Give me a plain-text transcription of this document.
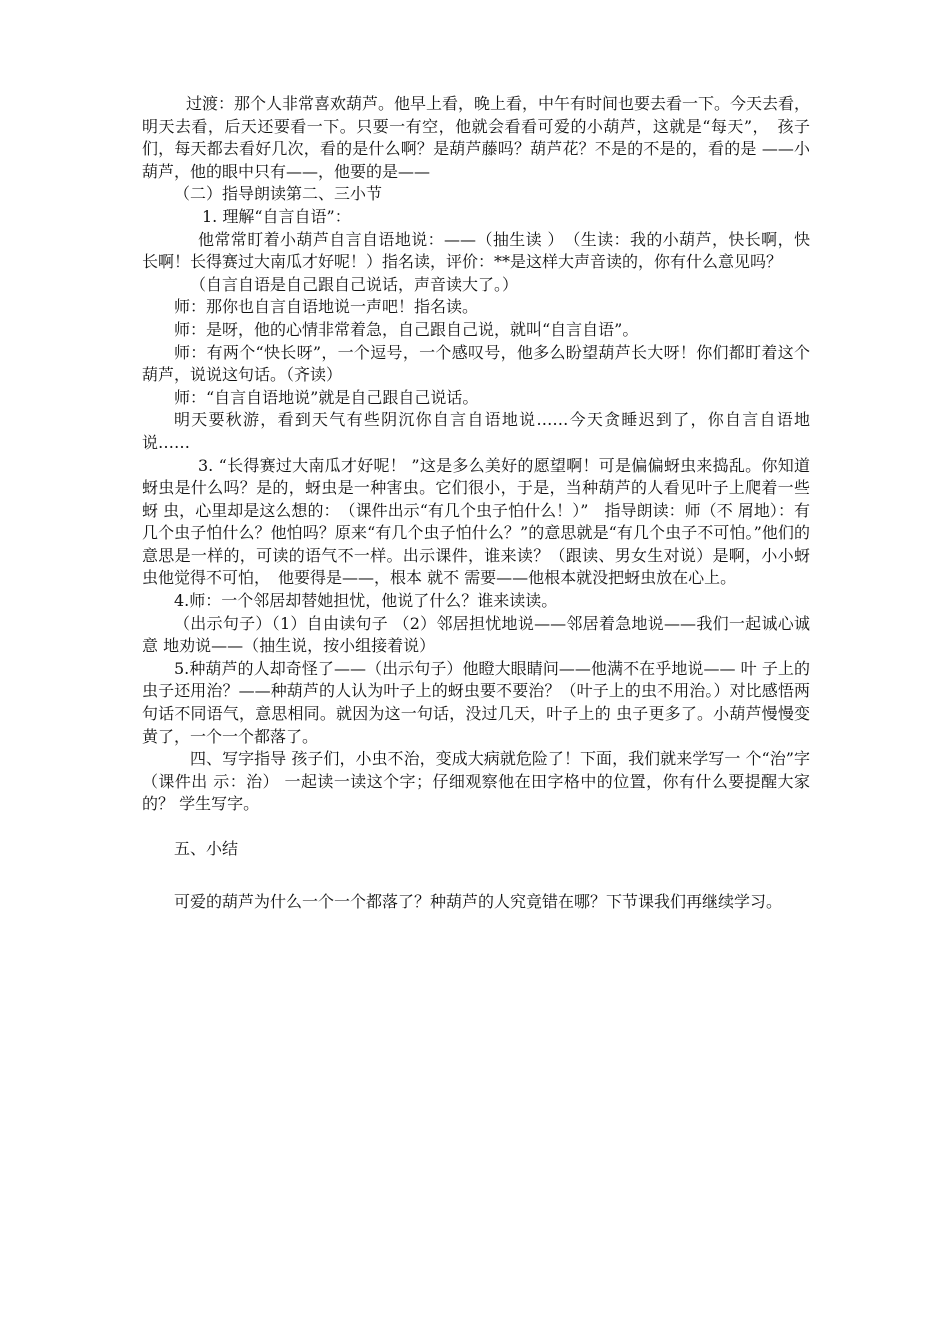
过渡：那个人非常喜欢葫芦。他早上看，晚上看，中午有时间也要去看一下。今天去看，明天去看，后天还要看一下。只要一有空，他就会看看可爱的小葫芦，这就是“每天”，　孩子们，每天都去看好几次，看的是什么啊？是葫芦藤吗？葫芦花？不是的不是的，看的是 ——小葫芦，他的眼中只有——，他要的是——

（二）指导朗读第二、三小节

1. 理解“自言自语”：

他常常盯着小葫芦自言自语地说：——（抽生读 ）　（生读：我的小葫芦，快长啊，快长啊！长得赛过大南瓜才好呢！）指名读，评价：**是这样大声音读的，你有什么意见吗？

（自言自语是自己跟自己说话，声音读大了。）

师：那你也自言自语地说一声吧！指名读。

师：是呀，他的心情非常着急，自己跟自己说，就叫“自言自语”。

师：有两个“快长呀”，一个逗号，一个感叹号，他多么盼望葫芦长大呀！你们都盯着这个葫芦，说说这句话。（齐读）

师：“自言自语地说”就是自己跟自己说话。

明天要秋游，看到天气有些阴沉你自言自语地说……今天贪睡迟到了，你自言自语地说……

3. “长得赛过大南瓜才好呢！ ”这是多么美好的愿望啊！可是偏偏蚜虫来捣乱。你知道蚜虫是什么吗？是的，蚜虫是一种害虫。它们很小，于是，当种葫芦的人看见叶子上爬着一些蚜 虫，心里却是这么想的：　（课件出示“有几个虫子怕什么！）”　指导朗读：师（不 屑地）：有几个虫子怕什么？他怕吗？原来“有几个虫子怕什么？”的意思就是“有几个虫子不可怕。”他们的意思是一样的，可读的语气不一样。出示课件，谁来读？（跟读、男女生对说）是啊，小小蚜虫他觉得不可怕，　他要得是——，根本 就不 需要——他根本就没把蚜虫放在心上。

4.师：一个邻居却替她担忧，他说了什么？谁来读读。

（出示句子）（1）自由读句子 （2）邻居担忧地说——邻居着急地说——我们一起诚心诚意 地劝说——（抽生说，按小组接着说）

5.种葫芦的人却奇怪了——（出示句子）他瞪大眼睛问——他满不在乎地说—— 叶 子上的虫子还用治？——种葫芦的人认为叶子上的蚜虫要不要治？（叶子上的虫不用治。）对比感悟两句话不同语气，意思相同。就因为这一句话，没过几天，叶子上的 虫子更多了。小葫芦慢慢变黄了，一个一个都落了。

四、写字指导 孩子们，小虫不治，变成大病就危险了！下面，我们就来学写一 个“治”字（课件出 示：治） 一起读一读这个字；仔细观察他在田字格中的位置，你有什么要提醒大家的？ 学生写字。

五、小结

可爱的葫芦为什么一个一个都落了？种葫芦的人究竟错在哪？下节课我们再继续学习。
